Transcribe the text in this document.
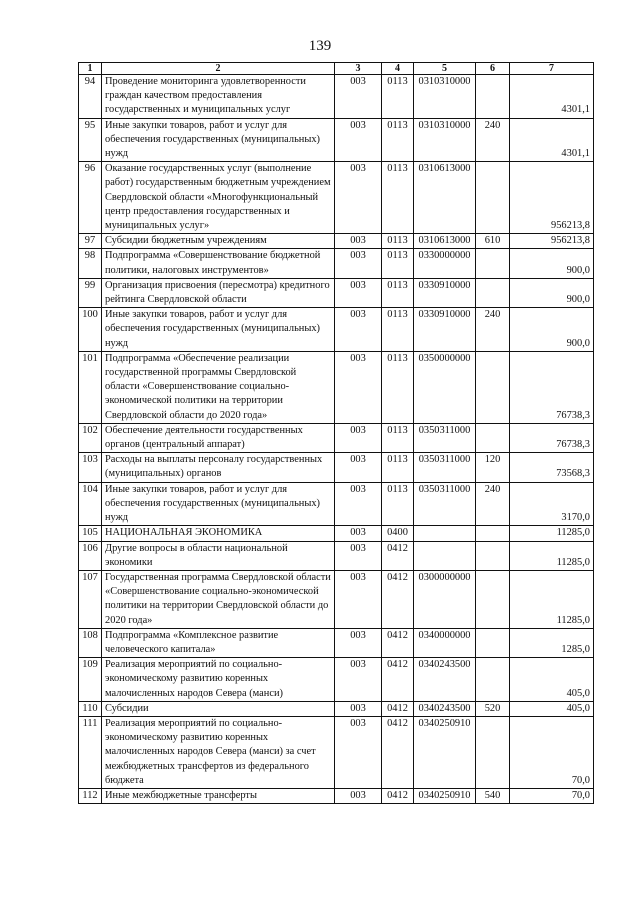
139
1	2	3	4	5	6	7
94	Проведение мониторинга удовлетворенности граждан качеством предоставления государственных и муниципальных услуг	003	0113	0310310000		4301,1
95	Иные закупки товаров, работ и услуг для обеспечения государственных (муниципальных) нужд	003	0113	0310310000	240	4301,1
96	Оказание государственных услуг (выполнение работ) государственным бюджетным учреждением Свердловской области «Многофункциональный центр предоставления государственных и муниципальных услуг»	003	0113	0310613000		956213,8
97	Субсидии бюджетным учреждениям	003	0113	0310613000	610	956213,8
98	Подпрограмма «Совершенствование бюджетной политики, налоговых инструментов»	003	0113	0330000000		900,0
99	Организация присвоения (пересмотра) кредитного рейтинга Свердловской области	003	0113	0330910000		900,0
100	Иные закупки товаров, работ и услуг для обеспечения государственных (муниципальных) нужд	003	0113	0330910000	240	900,0
101	Подпрограмма «Обеспечение реализации государственной программы Свердловской области «Совершенствование социально-экономической политики на территории Свердловской области до 2020 года»	003	0113	0350000000		76738,3
102	Обеспечение деятельности государственных органов (центральный аппарат)	003	0113	0350311000		76738,3
103	Расходы на выплаты персоналу государственных (муниципальных) органов	003	0113	0350311000	120	73568,3
104	Иные закупки товаров, работ и услуг для обеспечения государственных (муниципальных) нужд	003	0113	0350311000	240	3170,0
105	НАЦИОНАЛЬНАЯ ЭКОНОМИКА	003	0400			11285,0
106	Другие вопросы в области национальной экономики	003	0412			11285,0
107	Государственная программа Свердловской области «Совершенствование социально-экономической политики на территории Свердловской области до 2020 года»	003	0412	0300000000		11285,0
108	Подпрограмма «Комплексное развитие человеческого капитала»	003	0412	0340000000		1285,0
109	Реализация мероприятий по социально-экономическому развитию коренных малочисленных народов Севера (манси)	003	0412	0340243500		405,0
110	Субсидии	003	0412	0340243500	520	405,0
111	Реализация мероприятий по социально-экономическому развитию коренных малочисленных народов Севера (манси) за счет межбюджетных трансфертов из федерального бюджета	003	0412	0340250910		70,0
112	Иные межбюджетные трансферты	003	0412	0340250910	540	70,0
